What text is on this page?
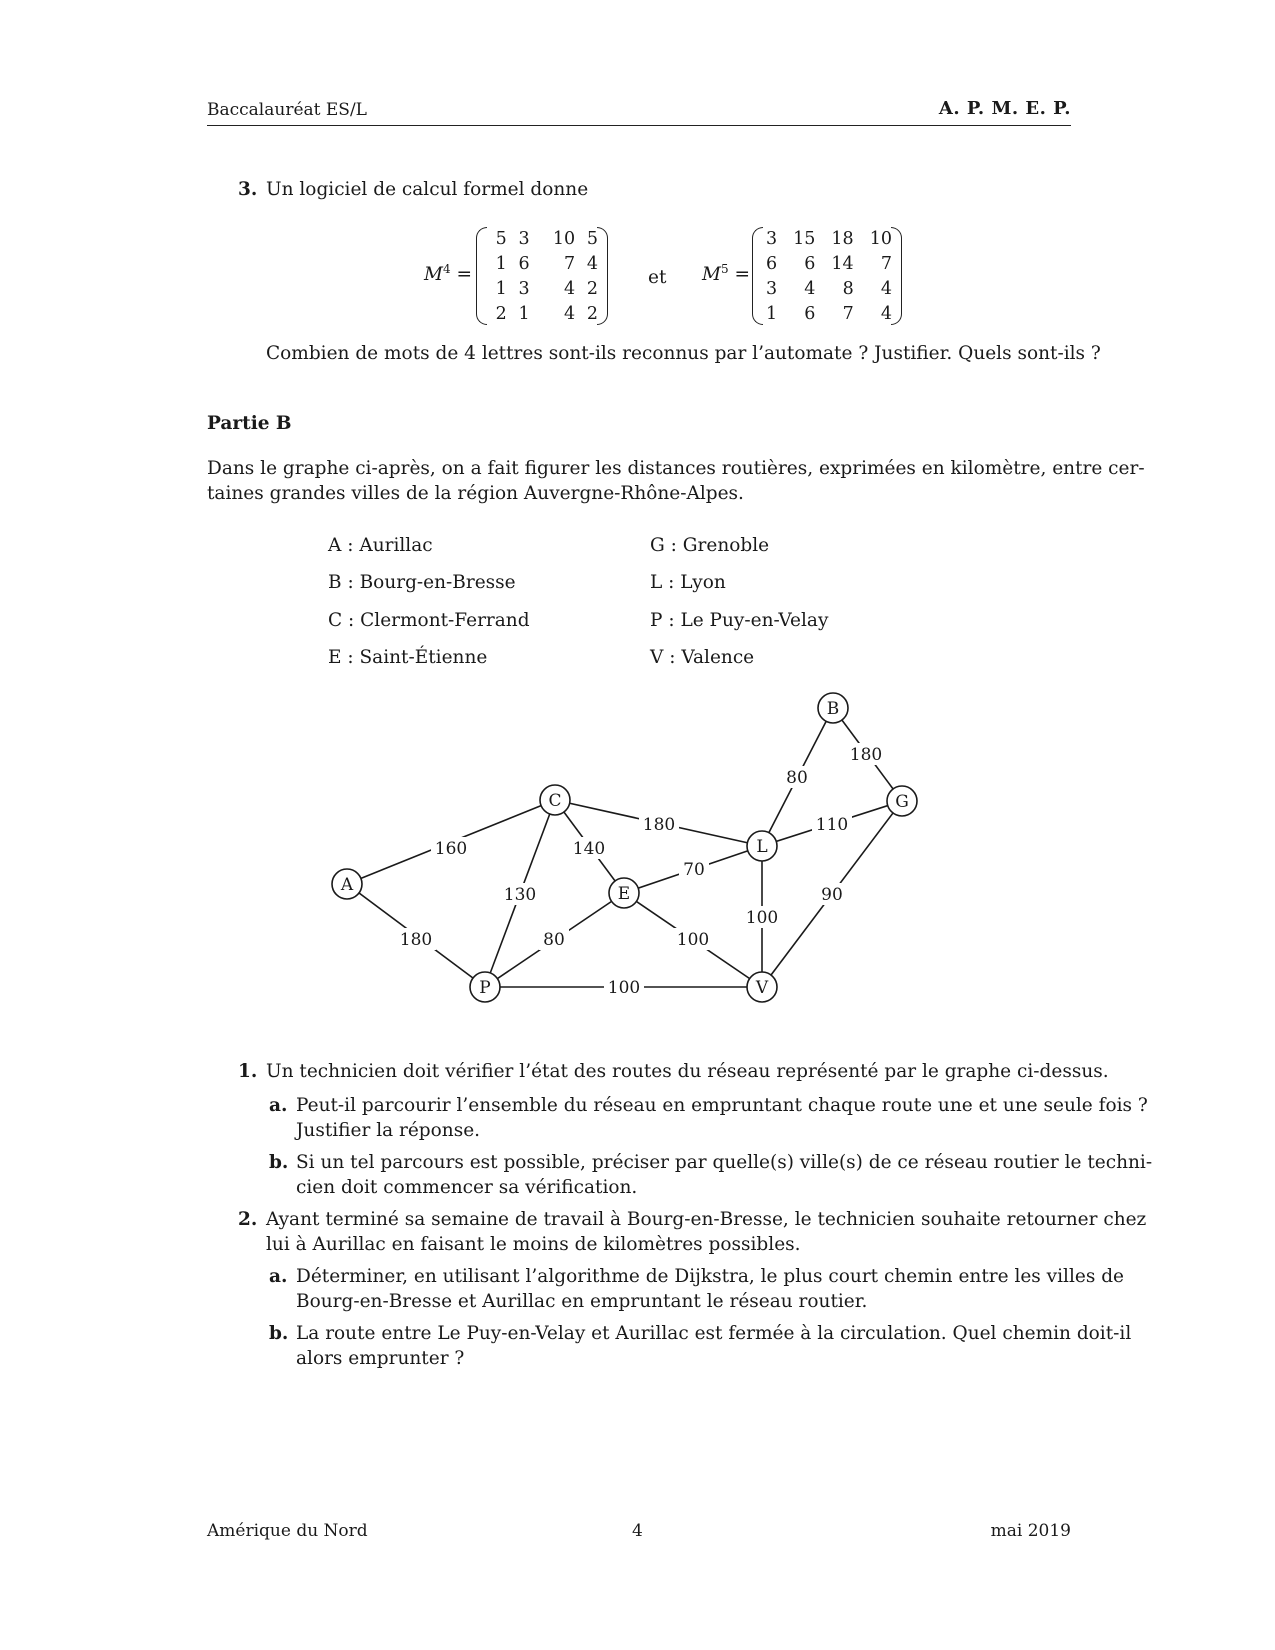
Baccalauréat ES/L	A. P. M. E. P.
3. Un logiciel de calcul formel donne
$M^4$ =
5	3	10	5
1	6	7	4
1	3	4	2
2	1	4	2
et $M^5$ =
3	15	18	10
6	6	14	7
3	4	8	4
1	6	7	4
Combien de mots de 4 lettres sont-ils reconnus par l’automate ? Justifier. Quels sont-ils ?
Partie B
Dans le graphe ci-après, on a fait figurer les distances routières, exprimées en kilomètre, entre cer-
taines grandes villes de la région Auvergne-Rhône-Alpes.
A : Aurillac
B : Bourg-en-Bresse
C : Clermont-Ferrand
E : Saint-Étienne
G : Grenoble
L : Lyon
P : Le Puy-en-Velay
V : Valence
160
180
130
140
180
70
80	100
100
100
80
110
180
90
A
B
C
E
G
L
P	V
1. Un technicien doit vérifier l’état des routes du réseau représenté par le graphe ci-dessus.
a. Peut-il parcourir l’ensemble du réseau en empruntant chaque route une et une seule fois ?
Justifier la réponse.
b. Si un tel parcours est possible, préciser par quelle(s) ville(s) de ce réseau routier le techni-
cien doit commencer sa vérification.
2. Ayant terminé sa semaine de travail à Bourg-en-Bresse, le technicien souhaite retourner chez
lui à Aurillac en faisant le moins de kilomètres possibles.
a. Déterminer, en utilisant l’algorithme de Dijkstra, le plus court chemin entre les villes de
Bourg-en-Bresse et Aurillac en empruntant le réseau routier.
b. La route entre Le Puy-en-Velay et Aurillac est fermée à la circulation. Quel chemin doit-il
alors emprunter ?
Amérique du Nord	4	mai 2019
